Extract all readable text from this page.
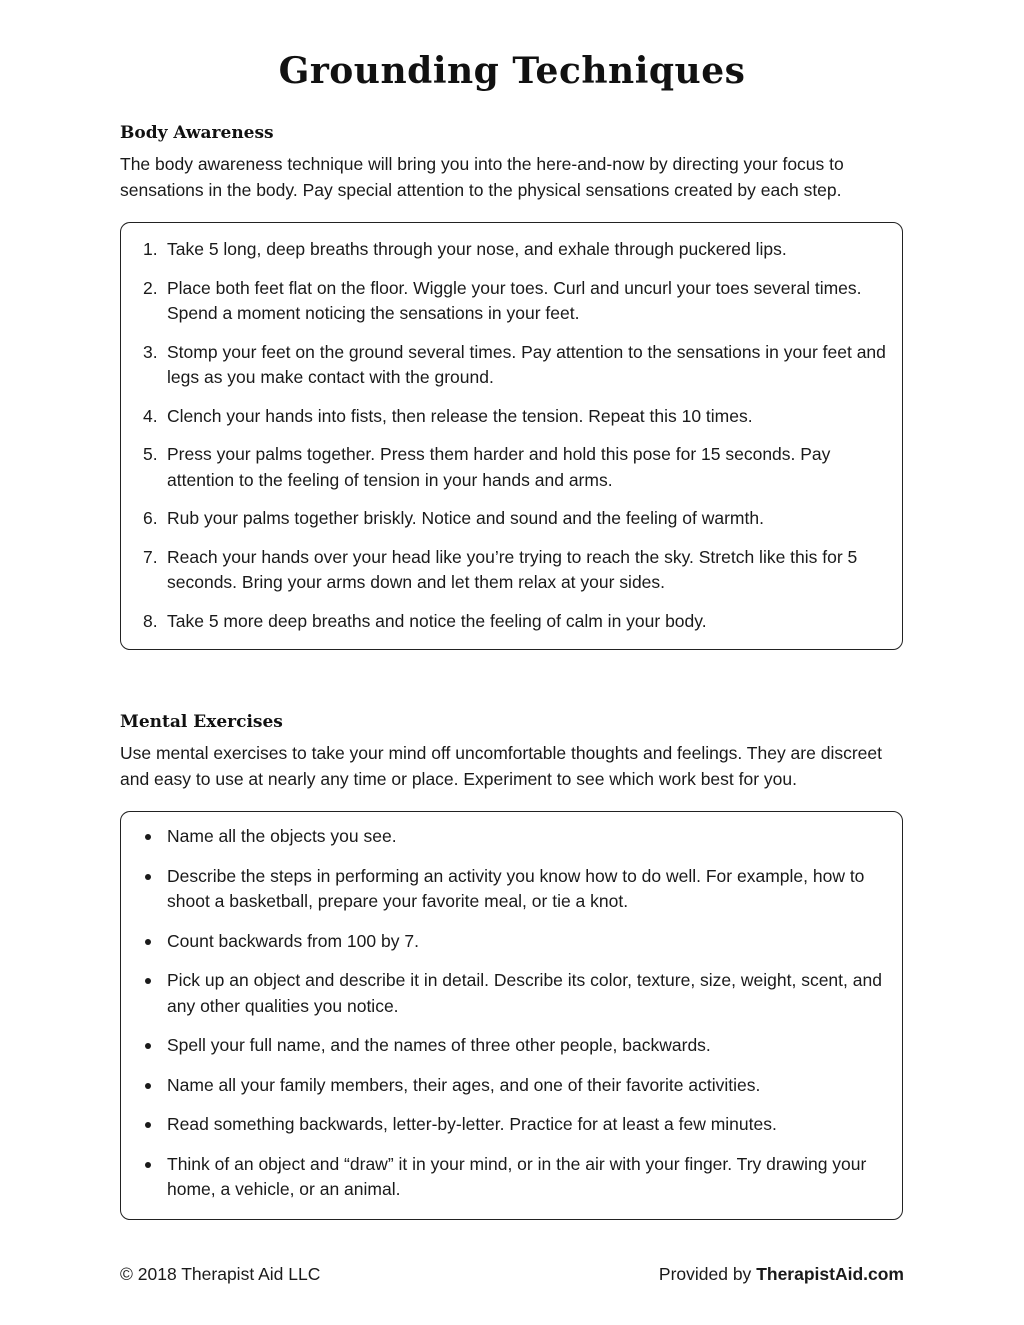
Grounding Techniques
Body Awareness

The body awareness technique will bring you into the here-and-now by directing your focus to sensations in the body. Pay special attention to the physical sensations created by each step.

1. Take 5 long, deep breaths through your nose, and exhale through puckered lips.
2. Place both feet flat on the floor. Wiggle your toes. Curl and uncurl your toes several times. Spend a moment noticing the sensations in your feet.
3. Stomp your feet on the ground several times. Pay attention to the sensations in your feet and legs as you make contact with the ground.
4. Clench your hands into fists, then release the tension. Repeat this 10 times.
5. Press your palms together. Press them harder and hold this pose for 15 seconds. Pay attention to the feeling of tension in your hands and arms.
6. Rub your palms together briskly. Notice and sound and the feeling of warmth.
7. Reach your hands over your head like you’re trying to reach the sky. Stretch like this for 5 seconds. Bring your arms down and let them relax at your sides.
8. Take 5 more deep breaths and notice the feeling of calm in your body.
Mental Exercises

Use mental exercises to take your mind off uncomfortable thoughts and feelings. They are discreet and easy to use at nearly any time or place. Experiment to see which work best for you.

Name all the objects you see.
Describe the steps in performing an activity you know how to do well. For example, how to shoot a basketball, prepare your favorite meal, or tie a knot.
Count backwards from 100 by 7.
Pick up an object and describe it in detail. Describe its color, texture, size, weight, scent, and any other qualities you notice.
Spell your full name, and the names of three other people, backwards.
Name all your family members, their ages, and one of their favorite activities.
Read something backwards, letter-by-letter. Practice for at least a few minutes.
Think of an object and “draw” it in your mind, or in the air with your finger. Try drawing your home, a vehicle, or an animal.
© 2018 Therapist Aid LLC	Provided by TherapistAid.com
